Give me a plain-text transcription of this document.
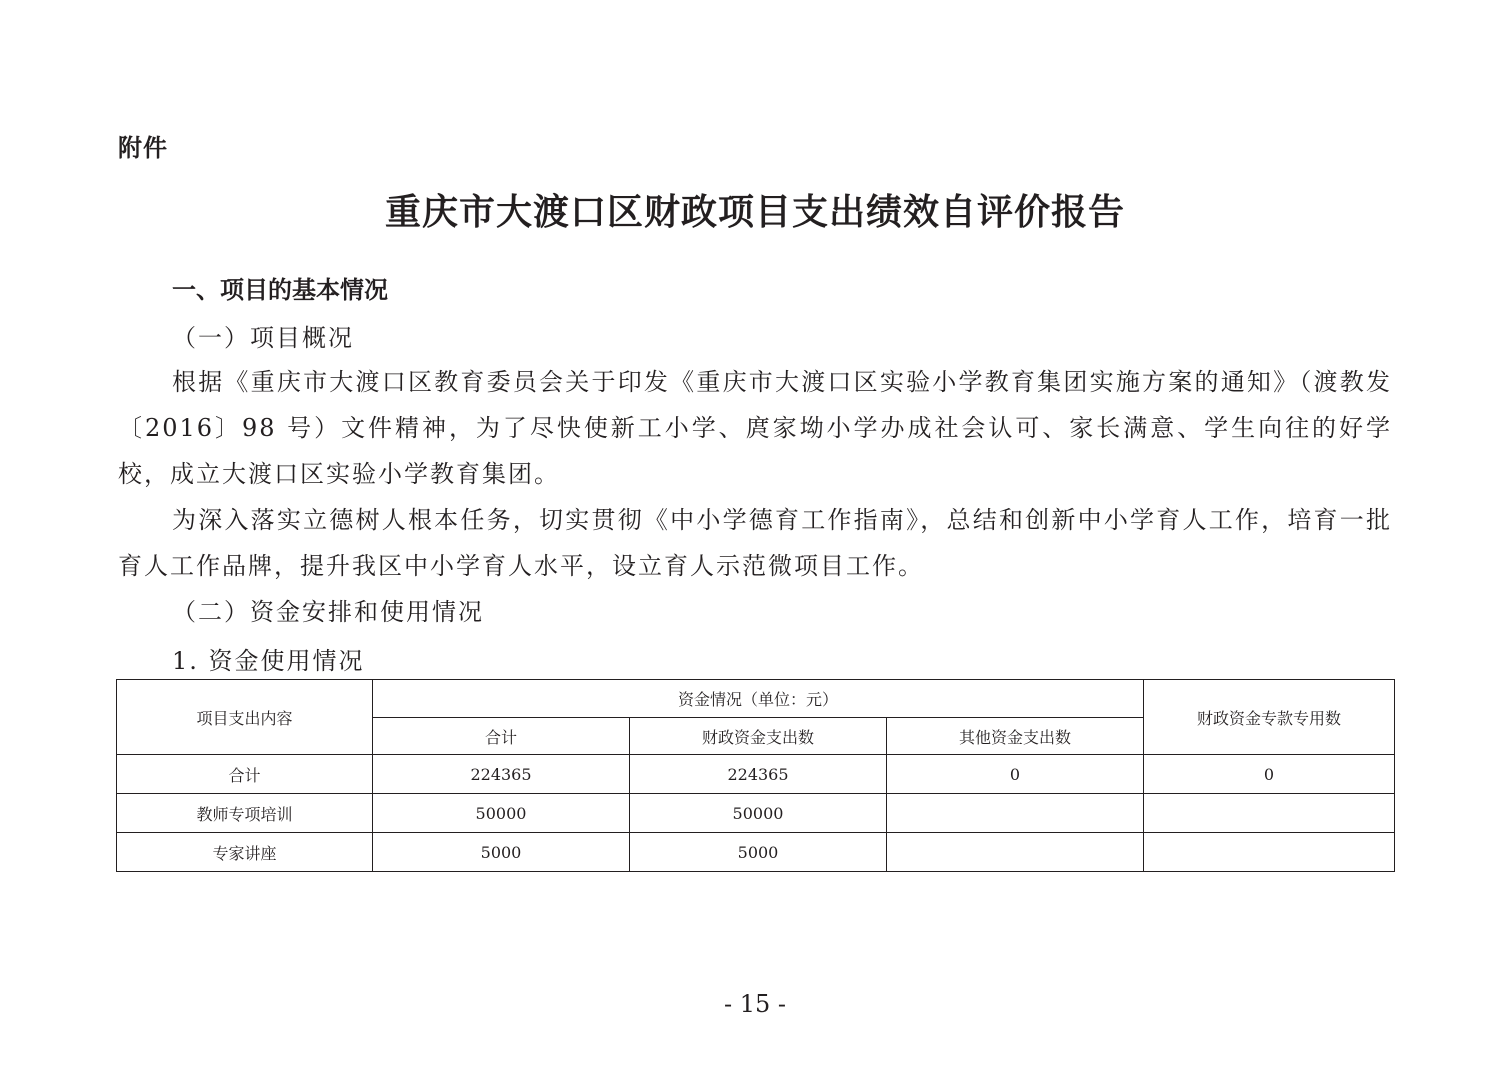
附件
重庆市大渡口区财政项目支出绩效自评价报告
一、项目的基本情况
（一）项目概况

根据《重庆市大渡口区教育委员会关于印发《重庆市大渡口区实验小学教育集团实施方案的通知》（渡教发〔2016〕98 号）文件精神，为了尽快使新工小学、庹家坳小学办成社会认可、家长满意、学生向往的好学校，成立大渡口区实验小学教育集团。

为深入落实立德树人根本任务，切实贯彻《中小学德育工作指南》，总结和创新中小学育人工作，培育一批育人工作品牌，提升我区中小学育人水平，设立育人示范微项目工作。

（二）资金安排和使用情况
1. 资金使用情况
项目支出内容	资金情况（单位：元）			财政资金专款专用数
	合计	财政资金支出数	其他资金支出数	
合计	224365	224365	0	0
教师专项培训	50000	50000		
专家讲座	5000	5000		
- 15 -
